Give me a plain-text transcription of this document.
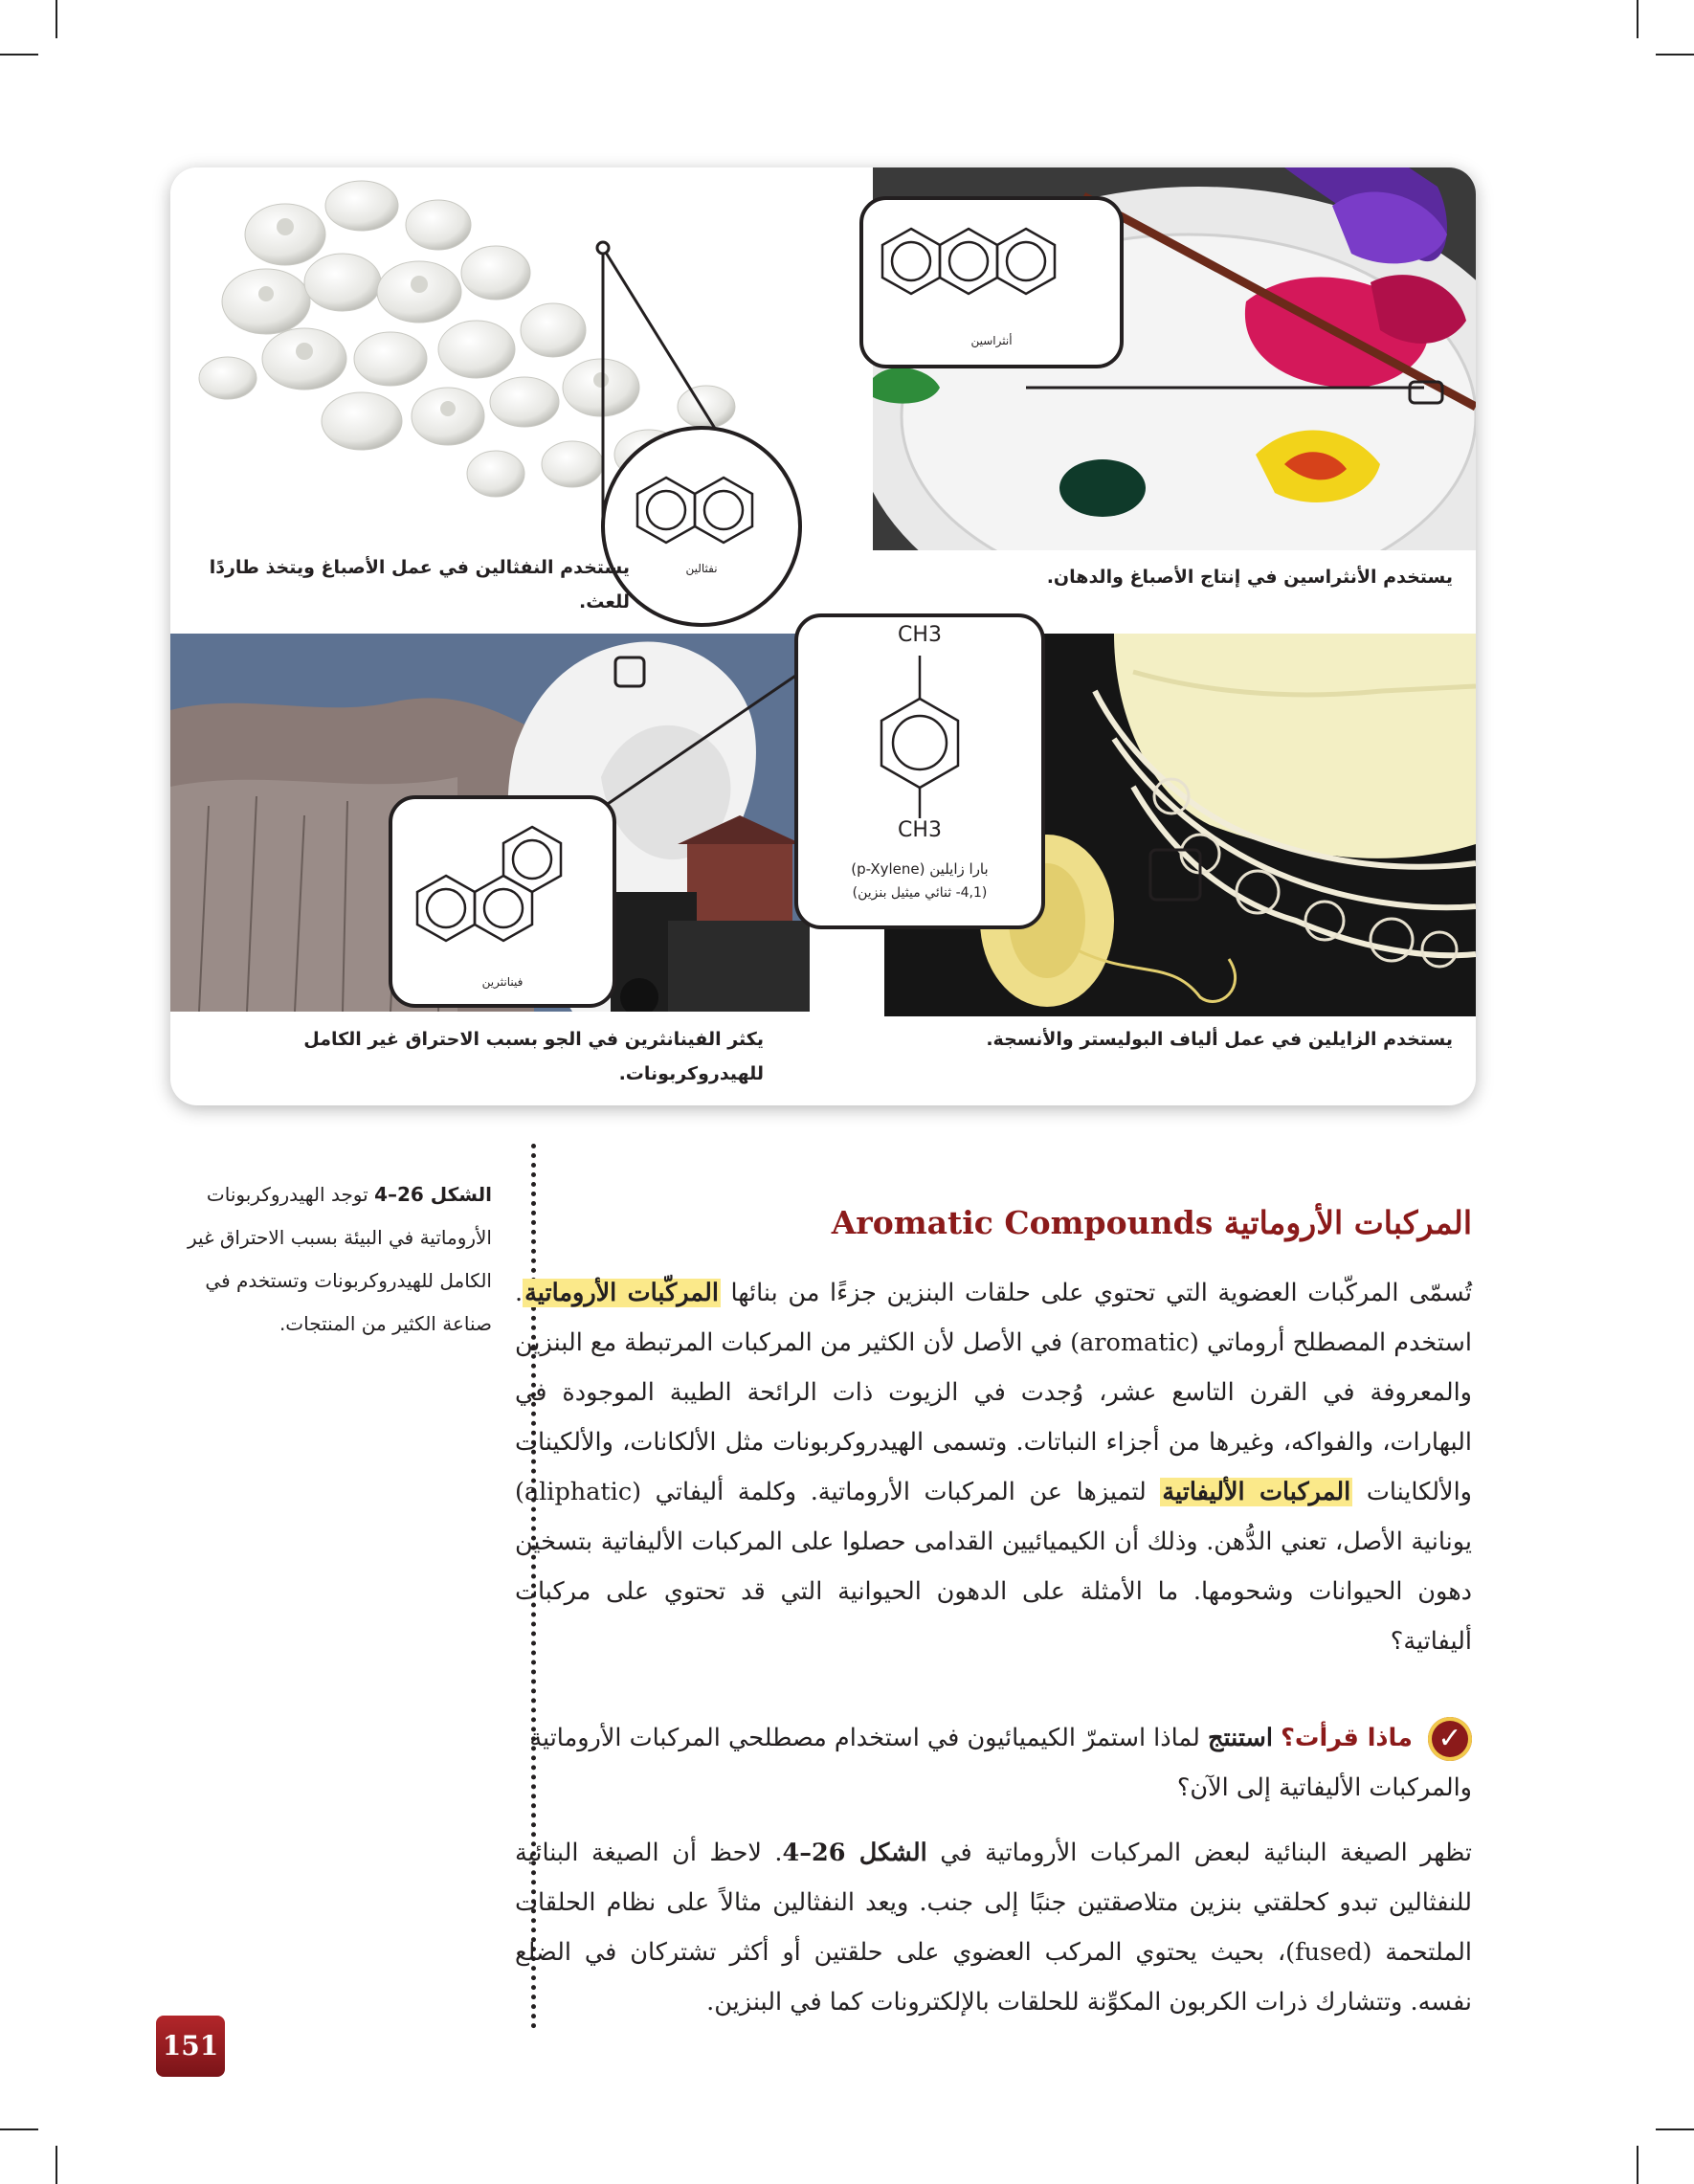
نفثالين
يستخدم النفثالين في عمل الأصباغ ويتخذ طاردًا للعث.
أنثراسين
يستخدم الأنثراسين في إنتاج الأصباغ والدهان.
فينانثرين
يكثر الفينانثرين في الجو بسبب الاحتراق غير الكامل للهيدروكربونات.
CH3
CH3
بارا زايلين (p-Xylene)
(4,1- ثنائي ميثيل بنزين)
يستخدم الزايلين في عمل ألياف البوليستر والأنسجة.
الشكل 26–4 توجد الهيدروكربونات الأروماتية في البيئة بسبب الاحتراق غير الكامل للهيدروكربونات وتستخدم في صناعة الكثير من المنتجات.
المركبات الأروماتية Aromatic Compounds
تُسمّى المركّبات العضوية التي تحتوي على حلقات البنزين جزءًا من بنائها المركّبات الأروماتية. استخدم المصطلح أروماتي (aromatic) في الأصل لأن الكثير من المركبات المرتبطة مع البنزين والمعروفة في القرن التاسع عشر، وُجدت في الزيوت ذات الرائحة الطيبة الموجودة في البهارات، والفواكه، وغيرها من أجزاء النباتات. وتسمى الهيدروكربونات مثل الألكانات، والألكينات والألكاينات المركبات الأليفاتية لتميزها عن المركبات الأروماتية. وكلمة أليفاتي (aliphatic) يونانية الأصل، تعني الدُّهن. وذلك أن الكيميائيين القدامى حصلوا على المركبات الأليفاتية بتسخين دهون الحيوانات وشحومها. ما الأمثلة على الدهون الحيوانية التي قد تحتوي على مركبات أليفاتية؟
✓ ماذا قرأت؟ استنتج لماذا استمرّ الكيميائيون في استخدام مصطلحي المركبات الأروماتية والمركبات الأليفاتية إلى الآن؟
تظهر الصيغة البنائية لبعض المركبات الأروماتية في الشكل 26–4. لاحظ أن الصيغة البنائية للنفثالين تبدو كحلقتي بنزين متلاصقتين جنبًا إلى جنب. ويعد النفثالين مثالاً على نظام الحلقات الملتحمة (fused)، بحيث يحتوي المركب العضوي على حلقتين أو أكثر تشتركان في الضلع نفسه. وتتشارك ذرات الكربون المكوِّنة للحلقات بالإلكترونات كما في البنزين.
151
